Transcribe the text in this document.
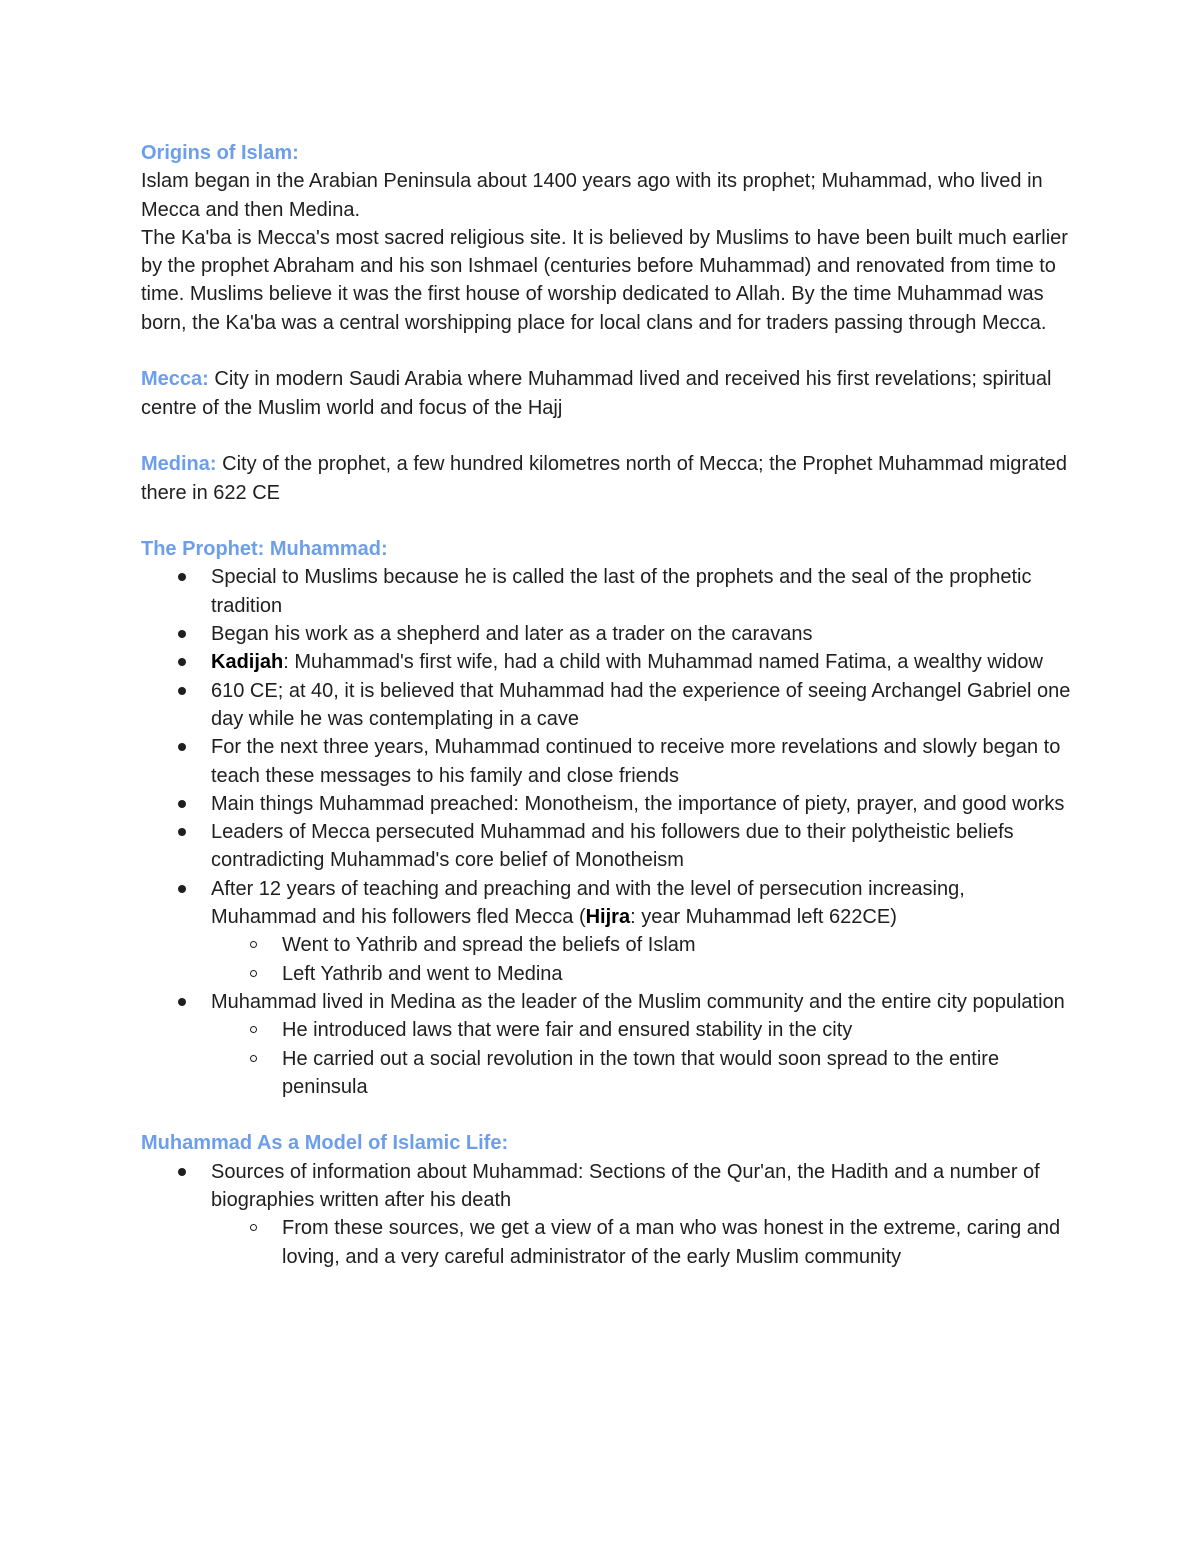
Origins of Islam:

Islam began in the Arabian Peninsula about 1400 years ago with its prophet; Muhammad, who lived in Mecca and then Medina.

The Ka'ba is Mecca's most sacred religious site. It is believed by Muslims to have been built much earlier by the prophet Abraham and his son Ishmael (centuries before Muhammad) and renovated from time to time. Muslims believe it was the first house of worship dedicated to Allah. By the time Muhammad was born, the Ka'ba was a central worshipping place for local clans and for traders passing through Mecca.

Mecca: City in modern Saudi Arabia where Muhammad lived and received his first revelations; spiritual centre of the Muslim world and focus of the Hajj

Medina: City of the prophet, a few hundred kilometres north of Mecca; the Prophet Muhammad migrated there in 622 CE

The Prophet: Muhammad:

Special to Muslims because he is called the last of the prophets and the seal of the prophetic tradition
Began his work as a shepherd and later as a trader on the caravans
Kadijah: Muhammad's first wife, had a child with Muhammad named Fatima, a wealthy widow
610 CE; at 40, it is believed that Muhammad had the experience of seeing Archangel Gabriel one day while he was contemplating in a cave
For the next three years, Muhammad continued to receive more revelations and slowly began to teach these messages to his family and close friends
Main things Muhammad preached: Monotheism, the importance of piety, prayer, and good works
Leaders of Mecca persecuted Muhammad and his followers due to their polytheistic beliefs contradicting Muhammad's core belief of Monotheism
After 12 years of teaching and preaching and with the level of persecution increasing, Muhammad and his followers fled Mecca (Hijra: year Muhammad left 622CE)
Went to Yathrib and spread the beliefs of Islam
Left Yathrib and went to Medina
Muhammad lived in Medina as the leader of the Muslim community and the entire city population
He introduced laws that were fair and ensured stability in the city
He carried out a social revolution in the town that would soon spread to the entire peninsula

Muhammad As a Model of Islamic Life:

Sources of information about Muhammad: Sections of the Qur'an, the Hadith and a number of biographies written after his death
From these sources, we get a view of a man who was honest in the extreme, caring and loving, and a very careful administrator of the early Muslim community
